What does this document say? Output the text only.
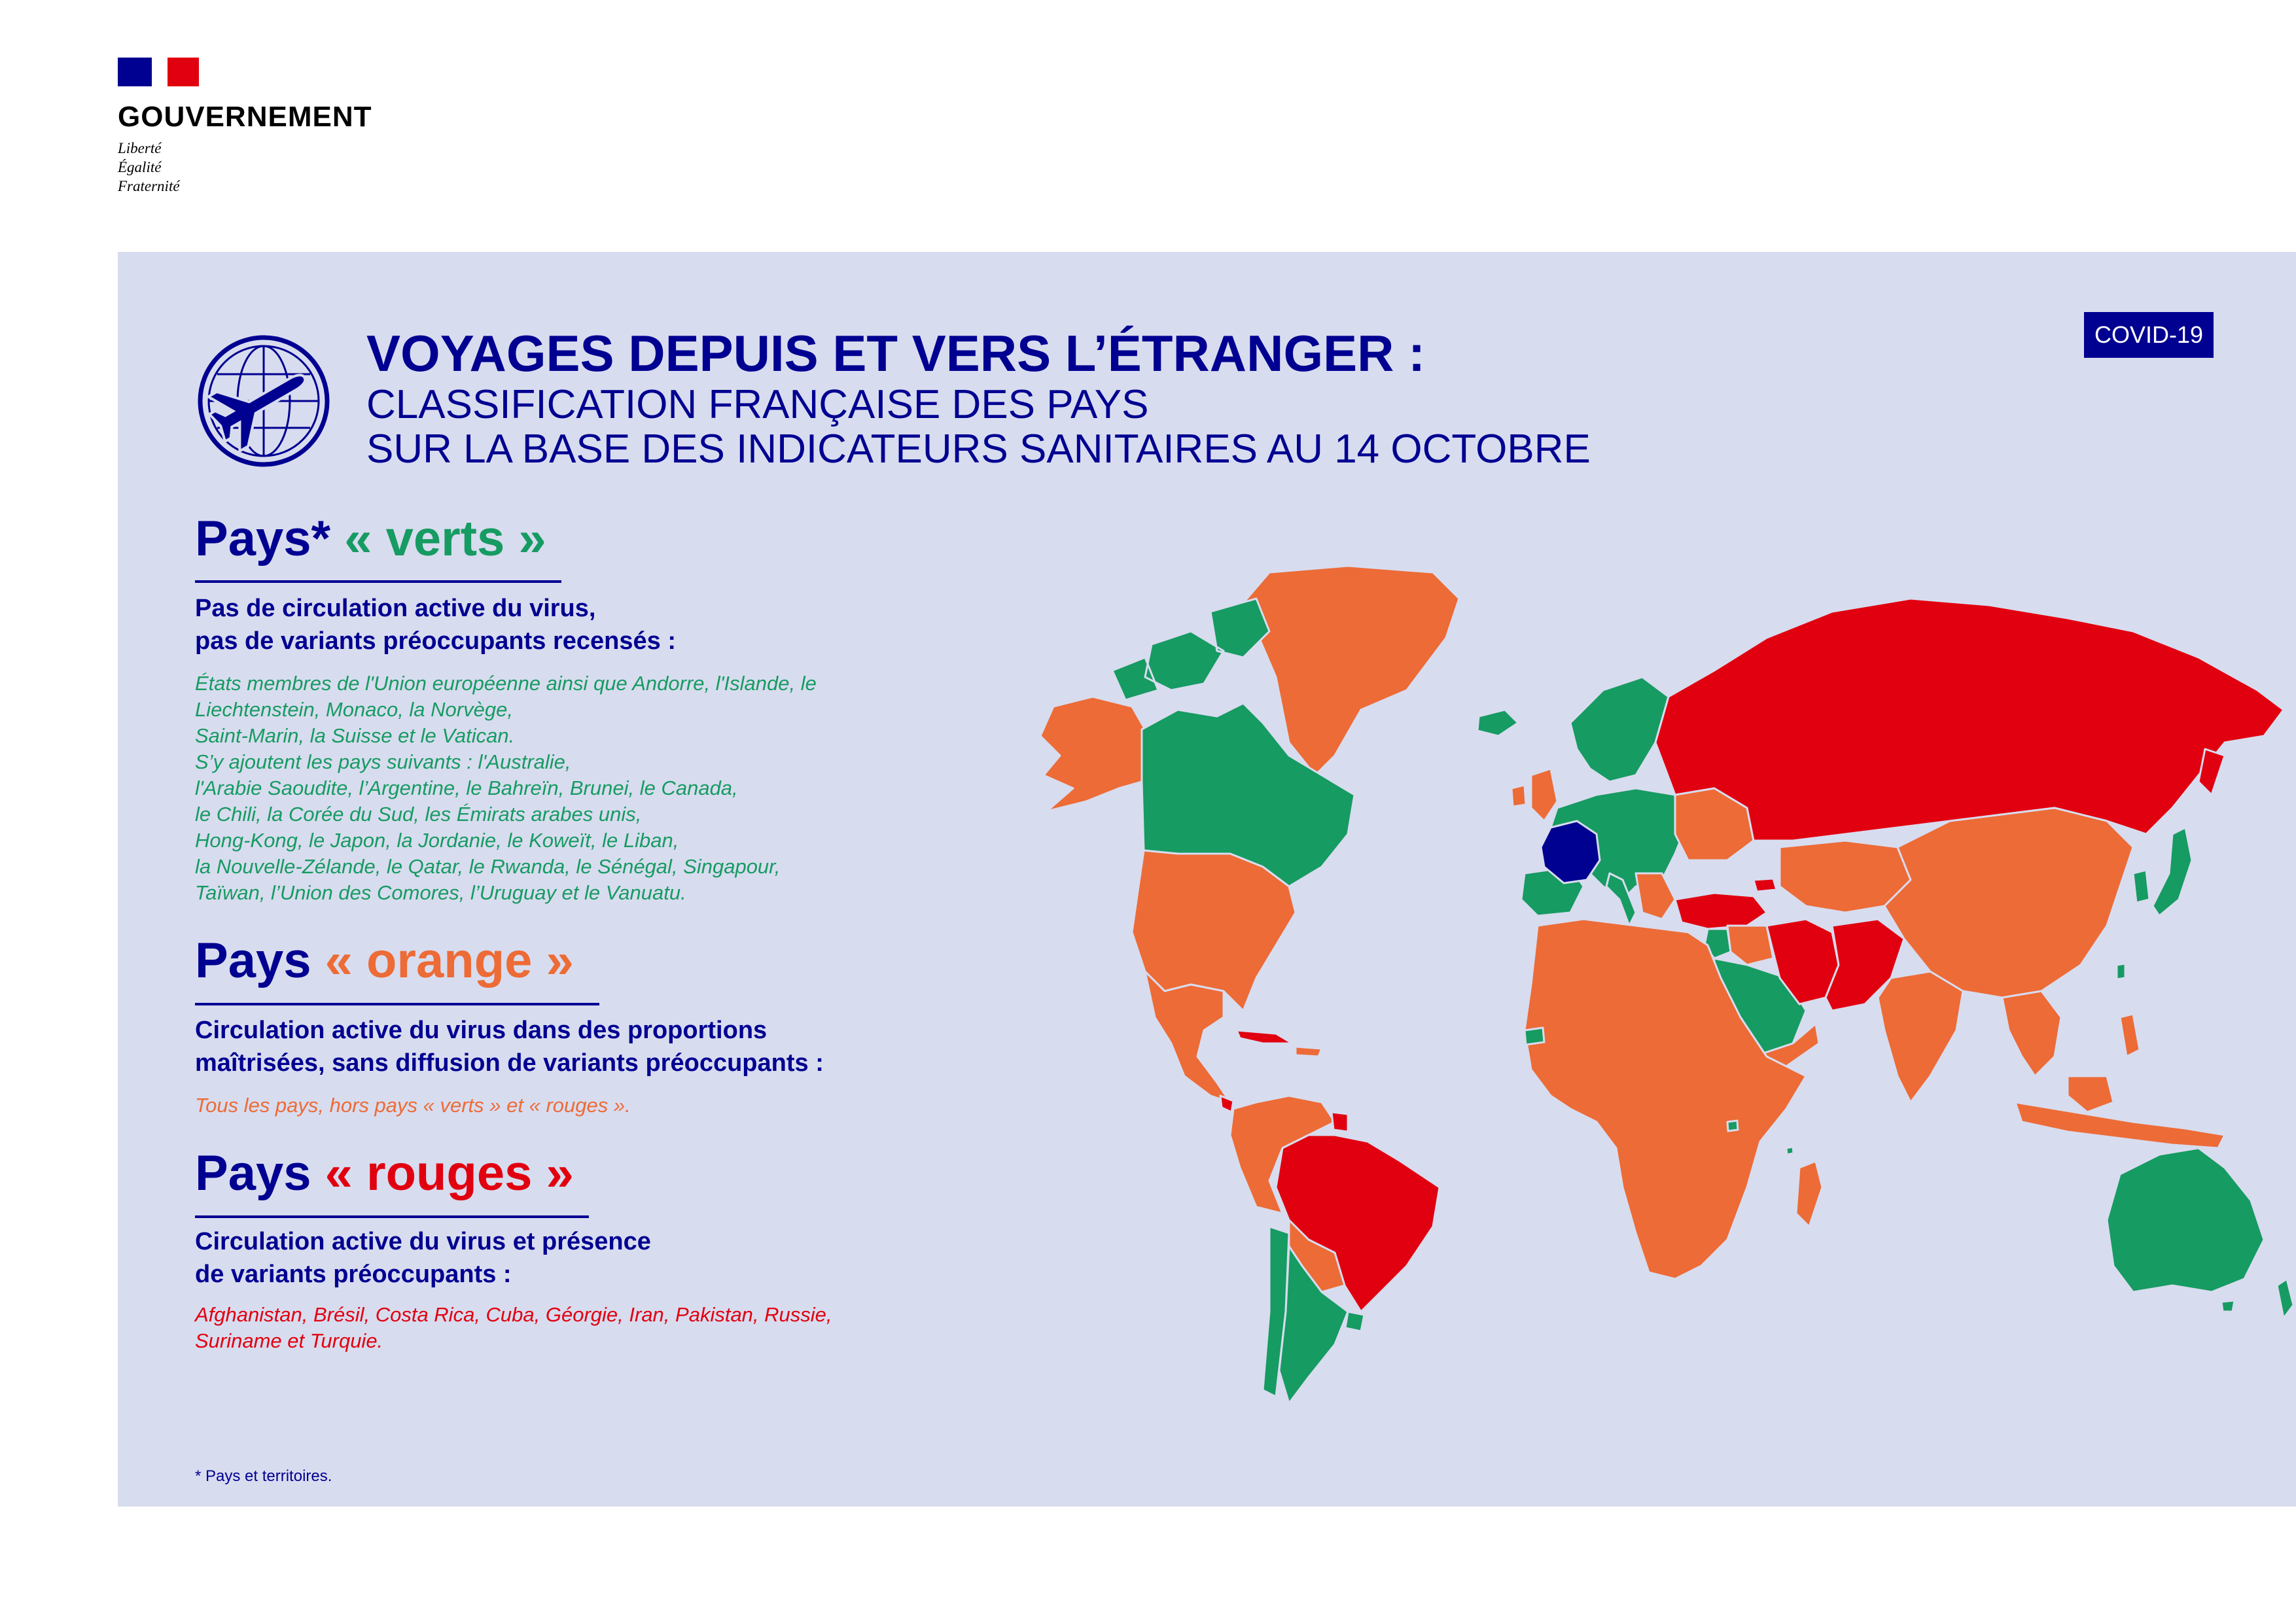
GOUVERNEMENT
Liberté
Égalité
Fraternité
VOYAGES DEPUIS ET VERS L’ÉTRANGER :
CLASSIFICATION FRANÇAISE DES PAYS
SUR LA BASE DES INDICATEURS SANITAIRES AU 14 OCTOBRE
COVID-19
Pays* « verts »
Pas de circulation active du virus,
pas de variants préoccupants recensés :
États membres de l'Union européenne ainsi que Andorre, l'Islande, le
Liechtenstein, Monaco, la Norvège,
Saint-Marin, la Suisse et le Vatican.
S’y ajoutent les pays suivants : l'Australie,
l'Arabie Saoudite, l’Argentine, le Bahreïn, Brunei, le Canada,
le Chili, la Corée du Sud, les Émirats arabes unis,
Hong-Kong, le Japon, la Jordanie, le Koweït, le Liban,
la Nouvelle-Zélande, le Qatar, le Rwanda, le Sénégal, Singapour,
Taïwan, l’Union des Comores, l’Uruguay et le Vanuatu.
Pays « orange »
Circulation active du virus dans des proportions
maîtrisées, sans diffusion de variants préoccupants :
Tous les pays, hors pays « verts » et « rouges ».
Pays « rouges »
Circulation active du virus et présence
de variants préoccupants :
Afghanistan, Brésil, Costa Rica, Cuba, Géorgie, Iran, Pakistan, Russie,
Suriname et Turquie.
* Pays et territoires.
